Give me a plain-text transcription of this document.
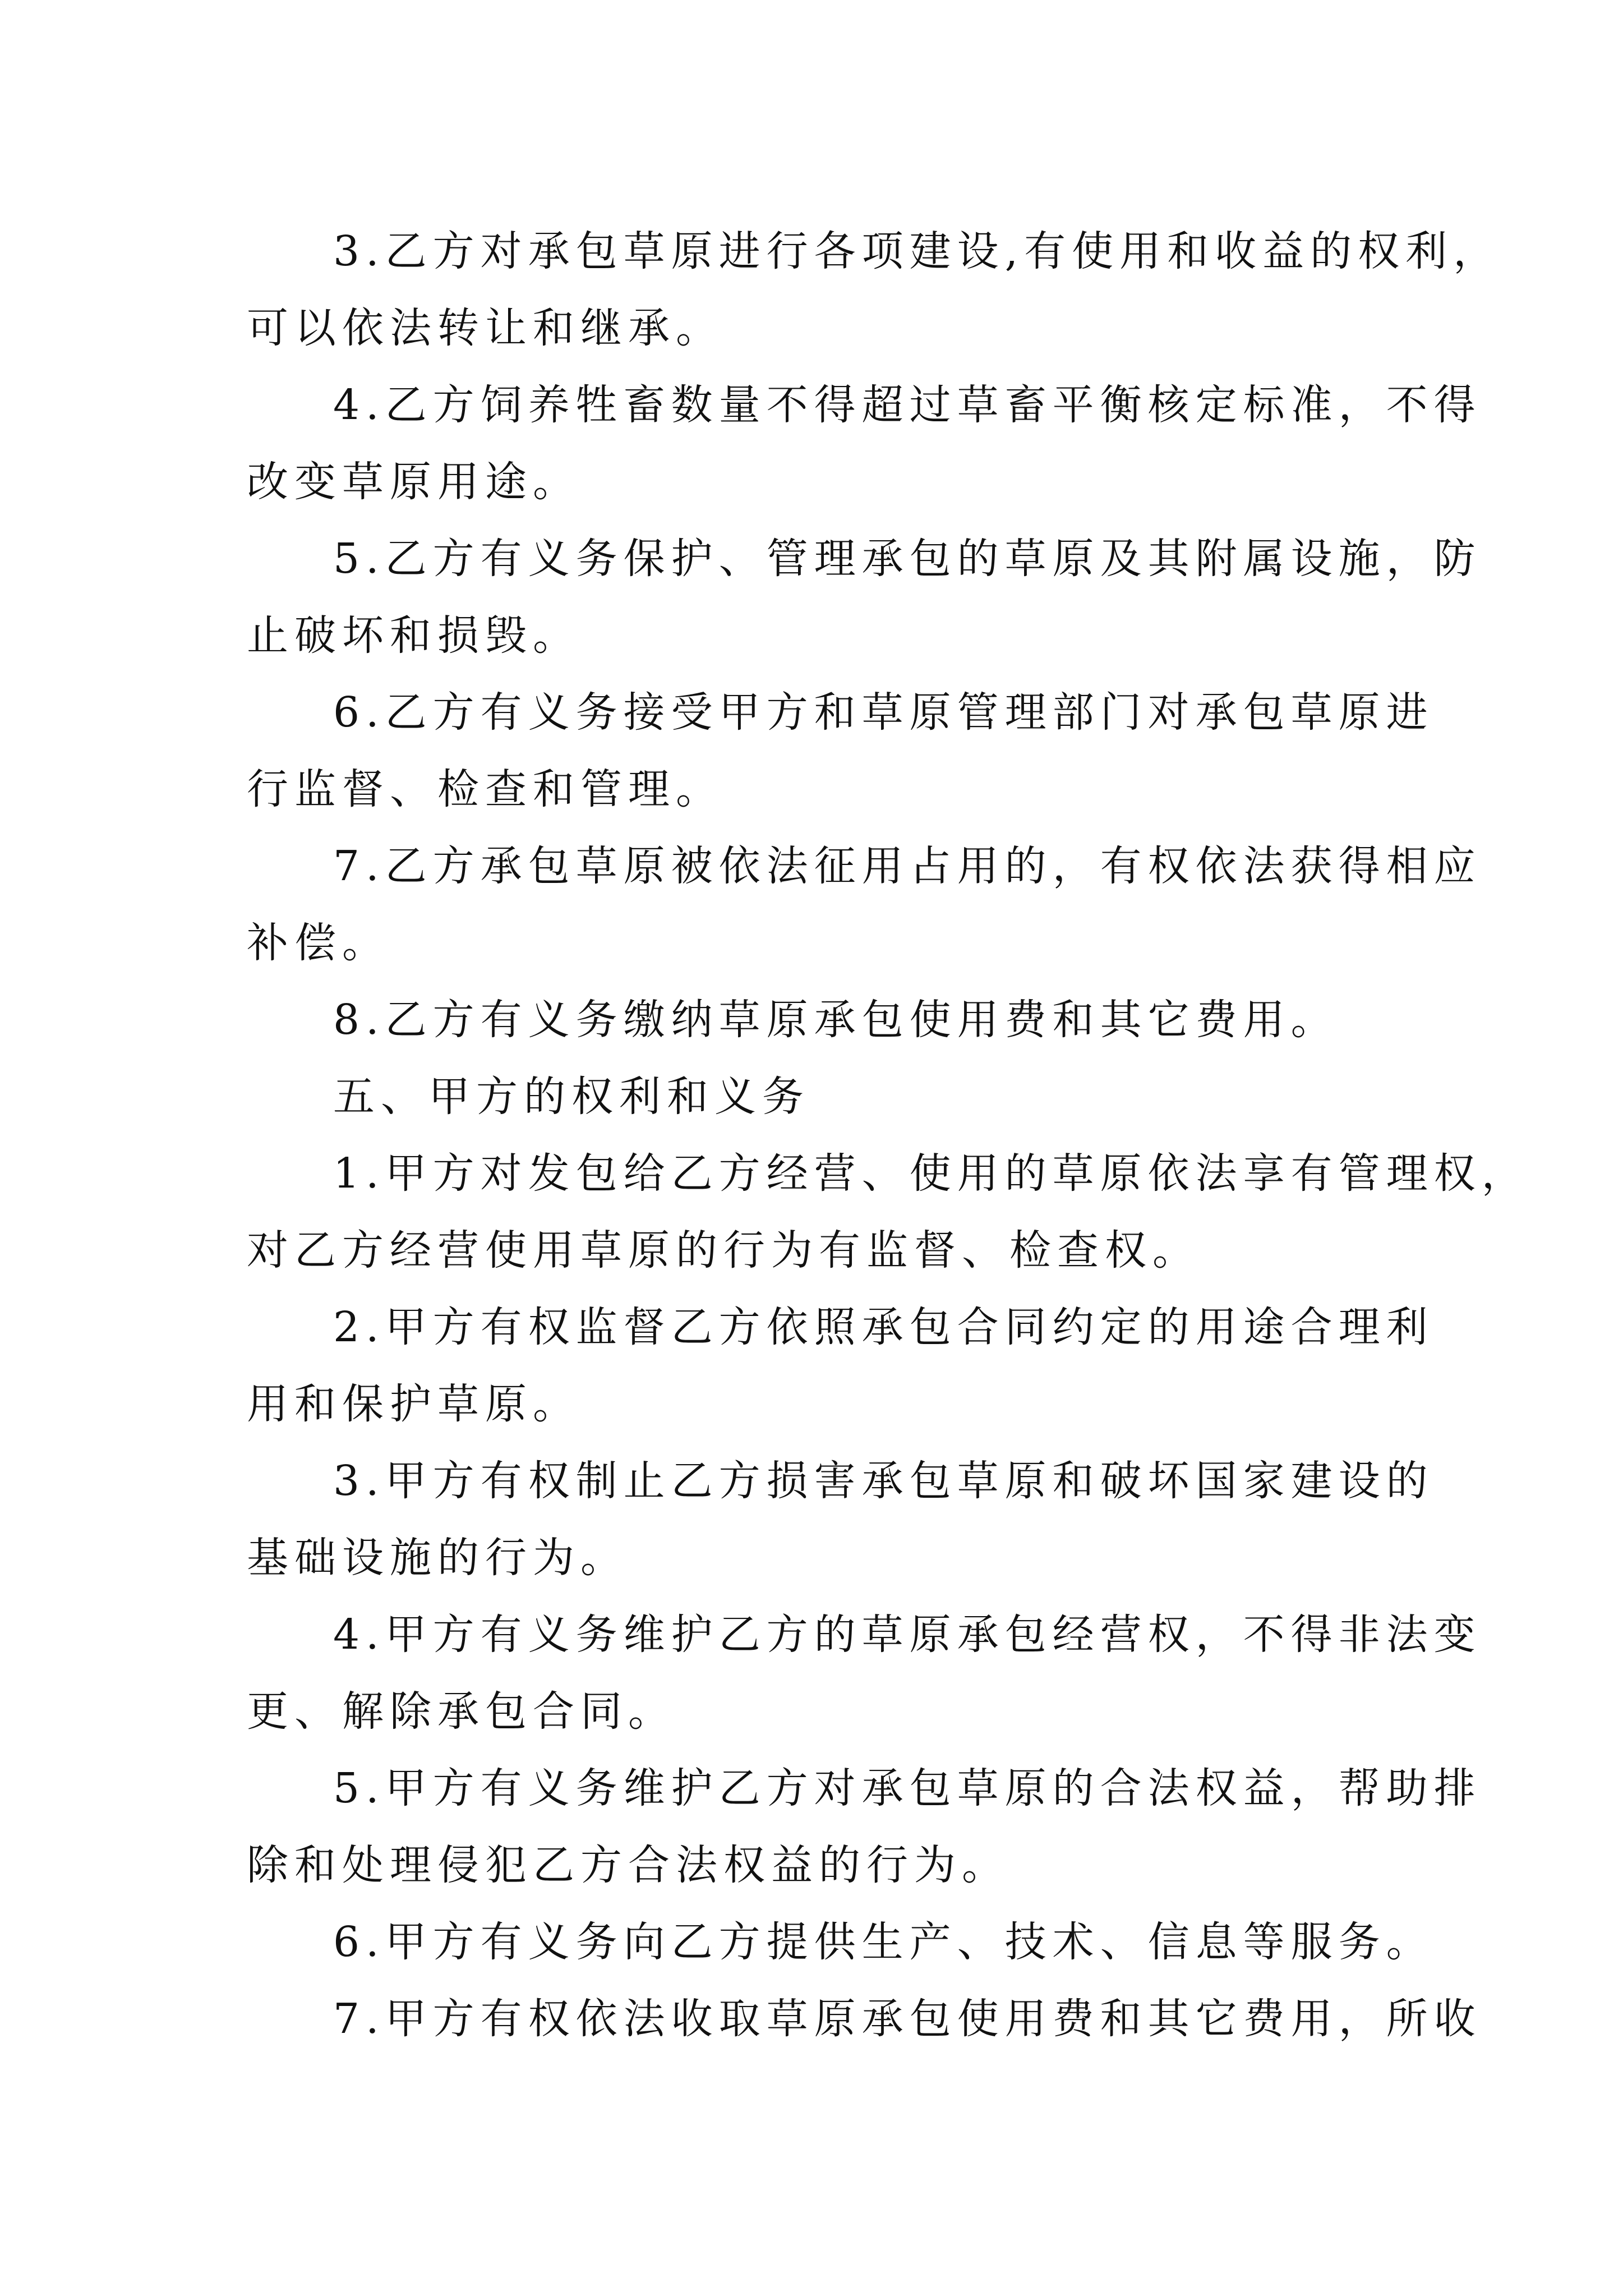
3.乙方对承包草原进行各项建设,有使用和收益的权利，
可以依法转让和继承。
4.乙方饲养牲畜数量不得超过草畜平衡核定标准，不得
改变草原用途。
5.乙方有义务保护、管理承包的草原及其附属设施，防
止破坏和损毁。
6.乙方有义务接受甲方和草原管理部门对承包草原进
行监督、检查和管理。
7.乙方承包草原被依法征用占用的，有权依法获得相应
补偿。
8.乙方有义务缴纳草原承包使用费和其它费用。
五、甲方的权利和义务
1.甲方对发包给乙方经营、使用的草原依法享有管理权，
对乙方经营使用草原的行为有监督、检查权。
2.甲方有权监督乙方依照承包合同约定的用途合理利
用和保护草原。
3.甲方有权制止乙方损害承包草原和破坏国家建设的
基础设施的行为。
4.甲方有义务维护乙方的草原承包经营权，不得非法变
更、解除承包合同。
5.甲方有义务维护乙方对承包草原的合法权益，帮助排
除和处理侵犯乙方合法权益的行为。
6.甲方有义务向乙方提供生产、技术、信息等服务。
7.甲方有权依法收取草原承包使用费和其它费用，所收
